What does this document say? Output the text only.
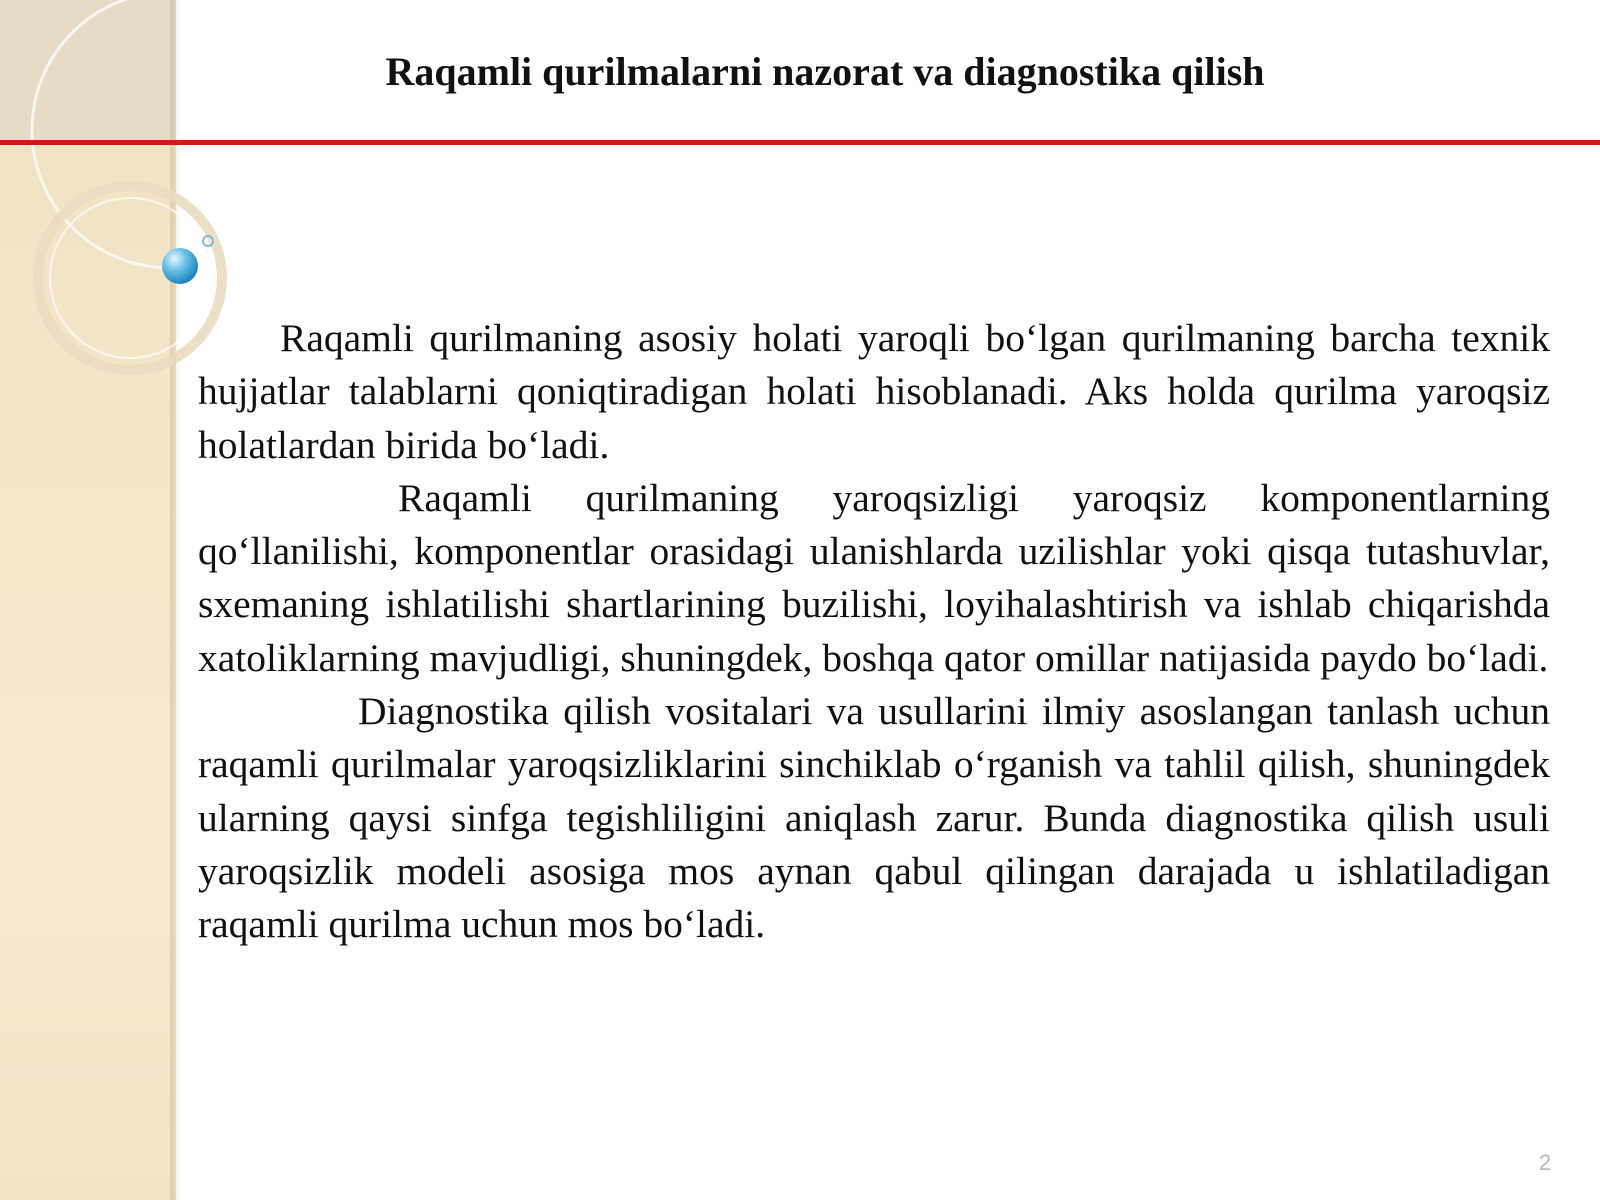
Raqamli qurilmalarni nazorat va diagnostika qilish

Raqamli qurilmaning asosiy holati yaroqli bo‘lgan qurilmaning barcha texnik hujjatlar talablarni qoniqtiradigan holati hisoblanadi. Aks holda qurilma yaroqsiz holatlardan birida bo‘ladi.

Raqamli qurilmaning yaroqsizligi yaroqsiz komponentlarning qo‘llanilishi, komponentlar orasidagi ulanishlarda uzilishlar yoki qisqa tutashuvlar, sxemaning ishlatilishi shartlarining buzilishi, loyihalashtirish va ishlab chiqarishda xatoliklarning mavjudligi, shuningdek, boshqa qator omillar natijasida paydo bo‘ladi.

Diagnostika qilish vositalari va usullarini ilmiy asoslangan tanlash uchun raqamli qurilmalar yaroqsizliklarini sinchiklab o‘rganish va tahlil qilish, shuningdek ularning qaysi sinfga tegishliligini aniqlash zarur. Bunda diagnostika qilish usuli yaroqsizlik modeli asosiga mos aynan qabul qilingan darajada u ishlatiladigan raqamli qurilma uchun mos bo‘ladi.

2
